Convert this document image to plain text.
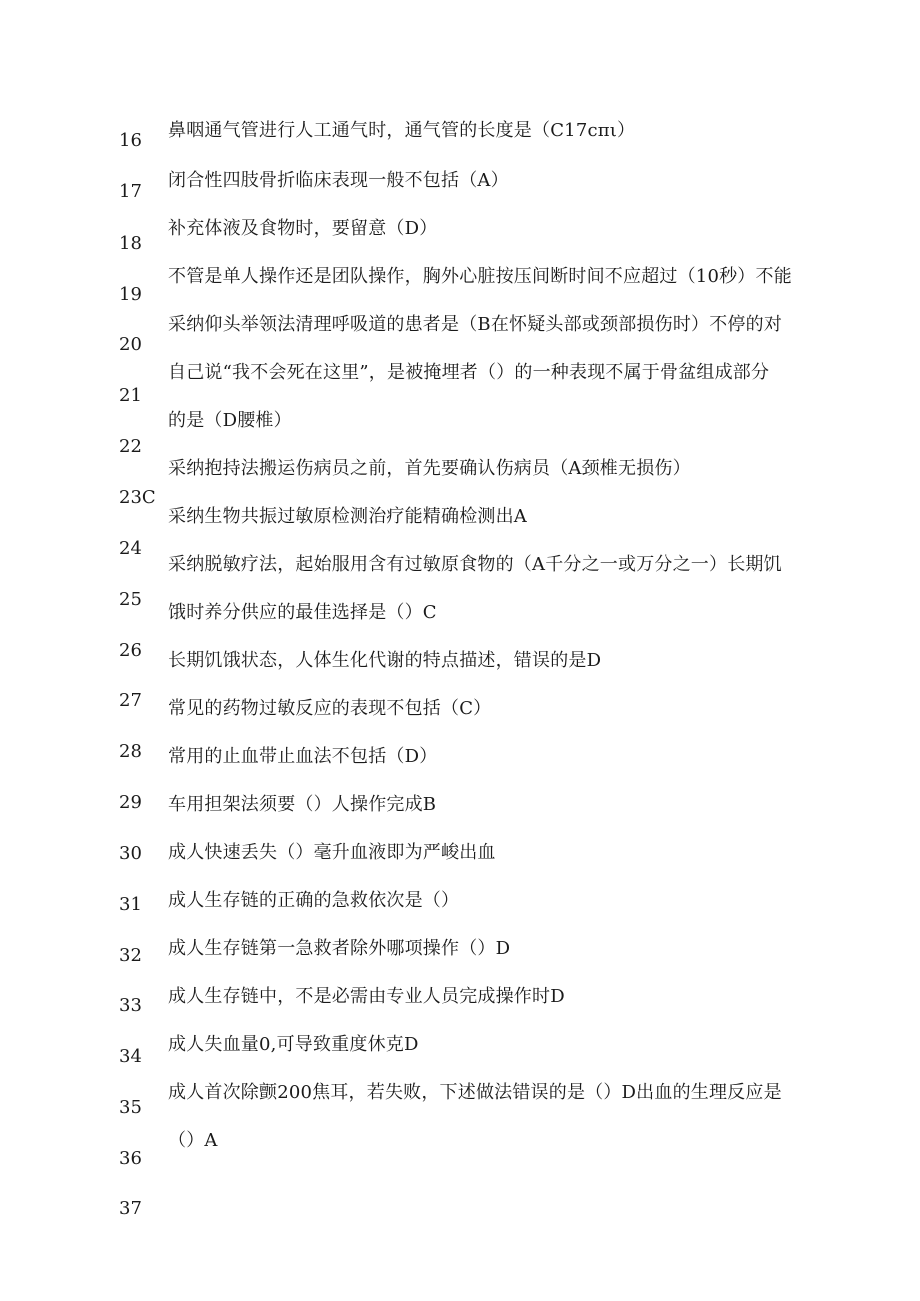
16
17
18
19
20
21
22
23C
24
25
26
27
28
29
30
31
32
33
34
35
36
37
鼻咽通气管进行人工通气时，通气管的长度是（C17cπι）
闭合性四肢骨折临床表现一般不包括（A）
补充体液及食物时，要留意（D）
不管是单人操作还是团队操作，胸外心脏按压间断时间不应超过（10秒）不能
采纳仰头举领法清理呼吸道的患者是（B在怀疑头部或颈部损伤时）不停的对
自己说“我不会死在这里”，是被掩埋者（）的一种表现不属于骨盆组成部分
的是（D腰椎）
采纳抱持法搬运伤病员之前，首先要确认伤病员（A颈椎无损伤）
采纳生物共振过敏原检测治疗能精确检测出A
采纳脱敏疗法，起始服用含有过敏原食物的（A千分之一或万分之一）长期饥
饿时养分供应的最佳选择是（）C
长期饥饿状态，人体生化代谢的特点描述，错误的是D
常见的药物过敏反应的表现不包括（C）
常用的止血带止血法不包括（D）
车用担架法须要（）人操作完成B
成人快速丢失（）毫升血液即为严峻出血
成人生存链的正确的急救依次是（）
成人生存链第一急救者除外哪项操作（）D
成人生存链中，不是必需由专业人员完成操作时D
成人失血量0,可导致重度休克D
成人首次除颤200焦耳，若失败，下述做法错误的是（）D出血的生理反应是
（）A
